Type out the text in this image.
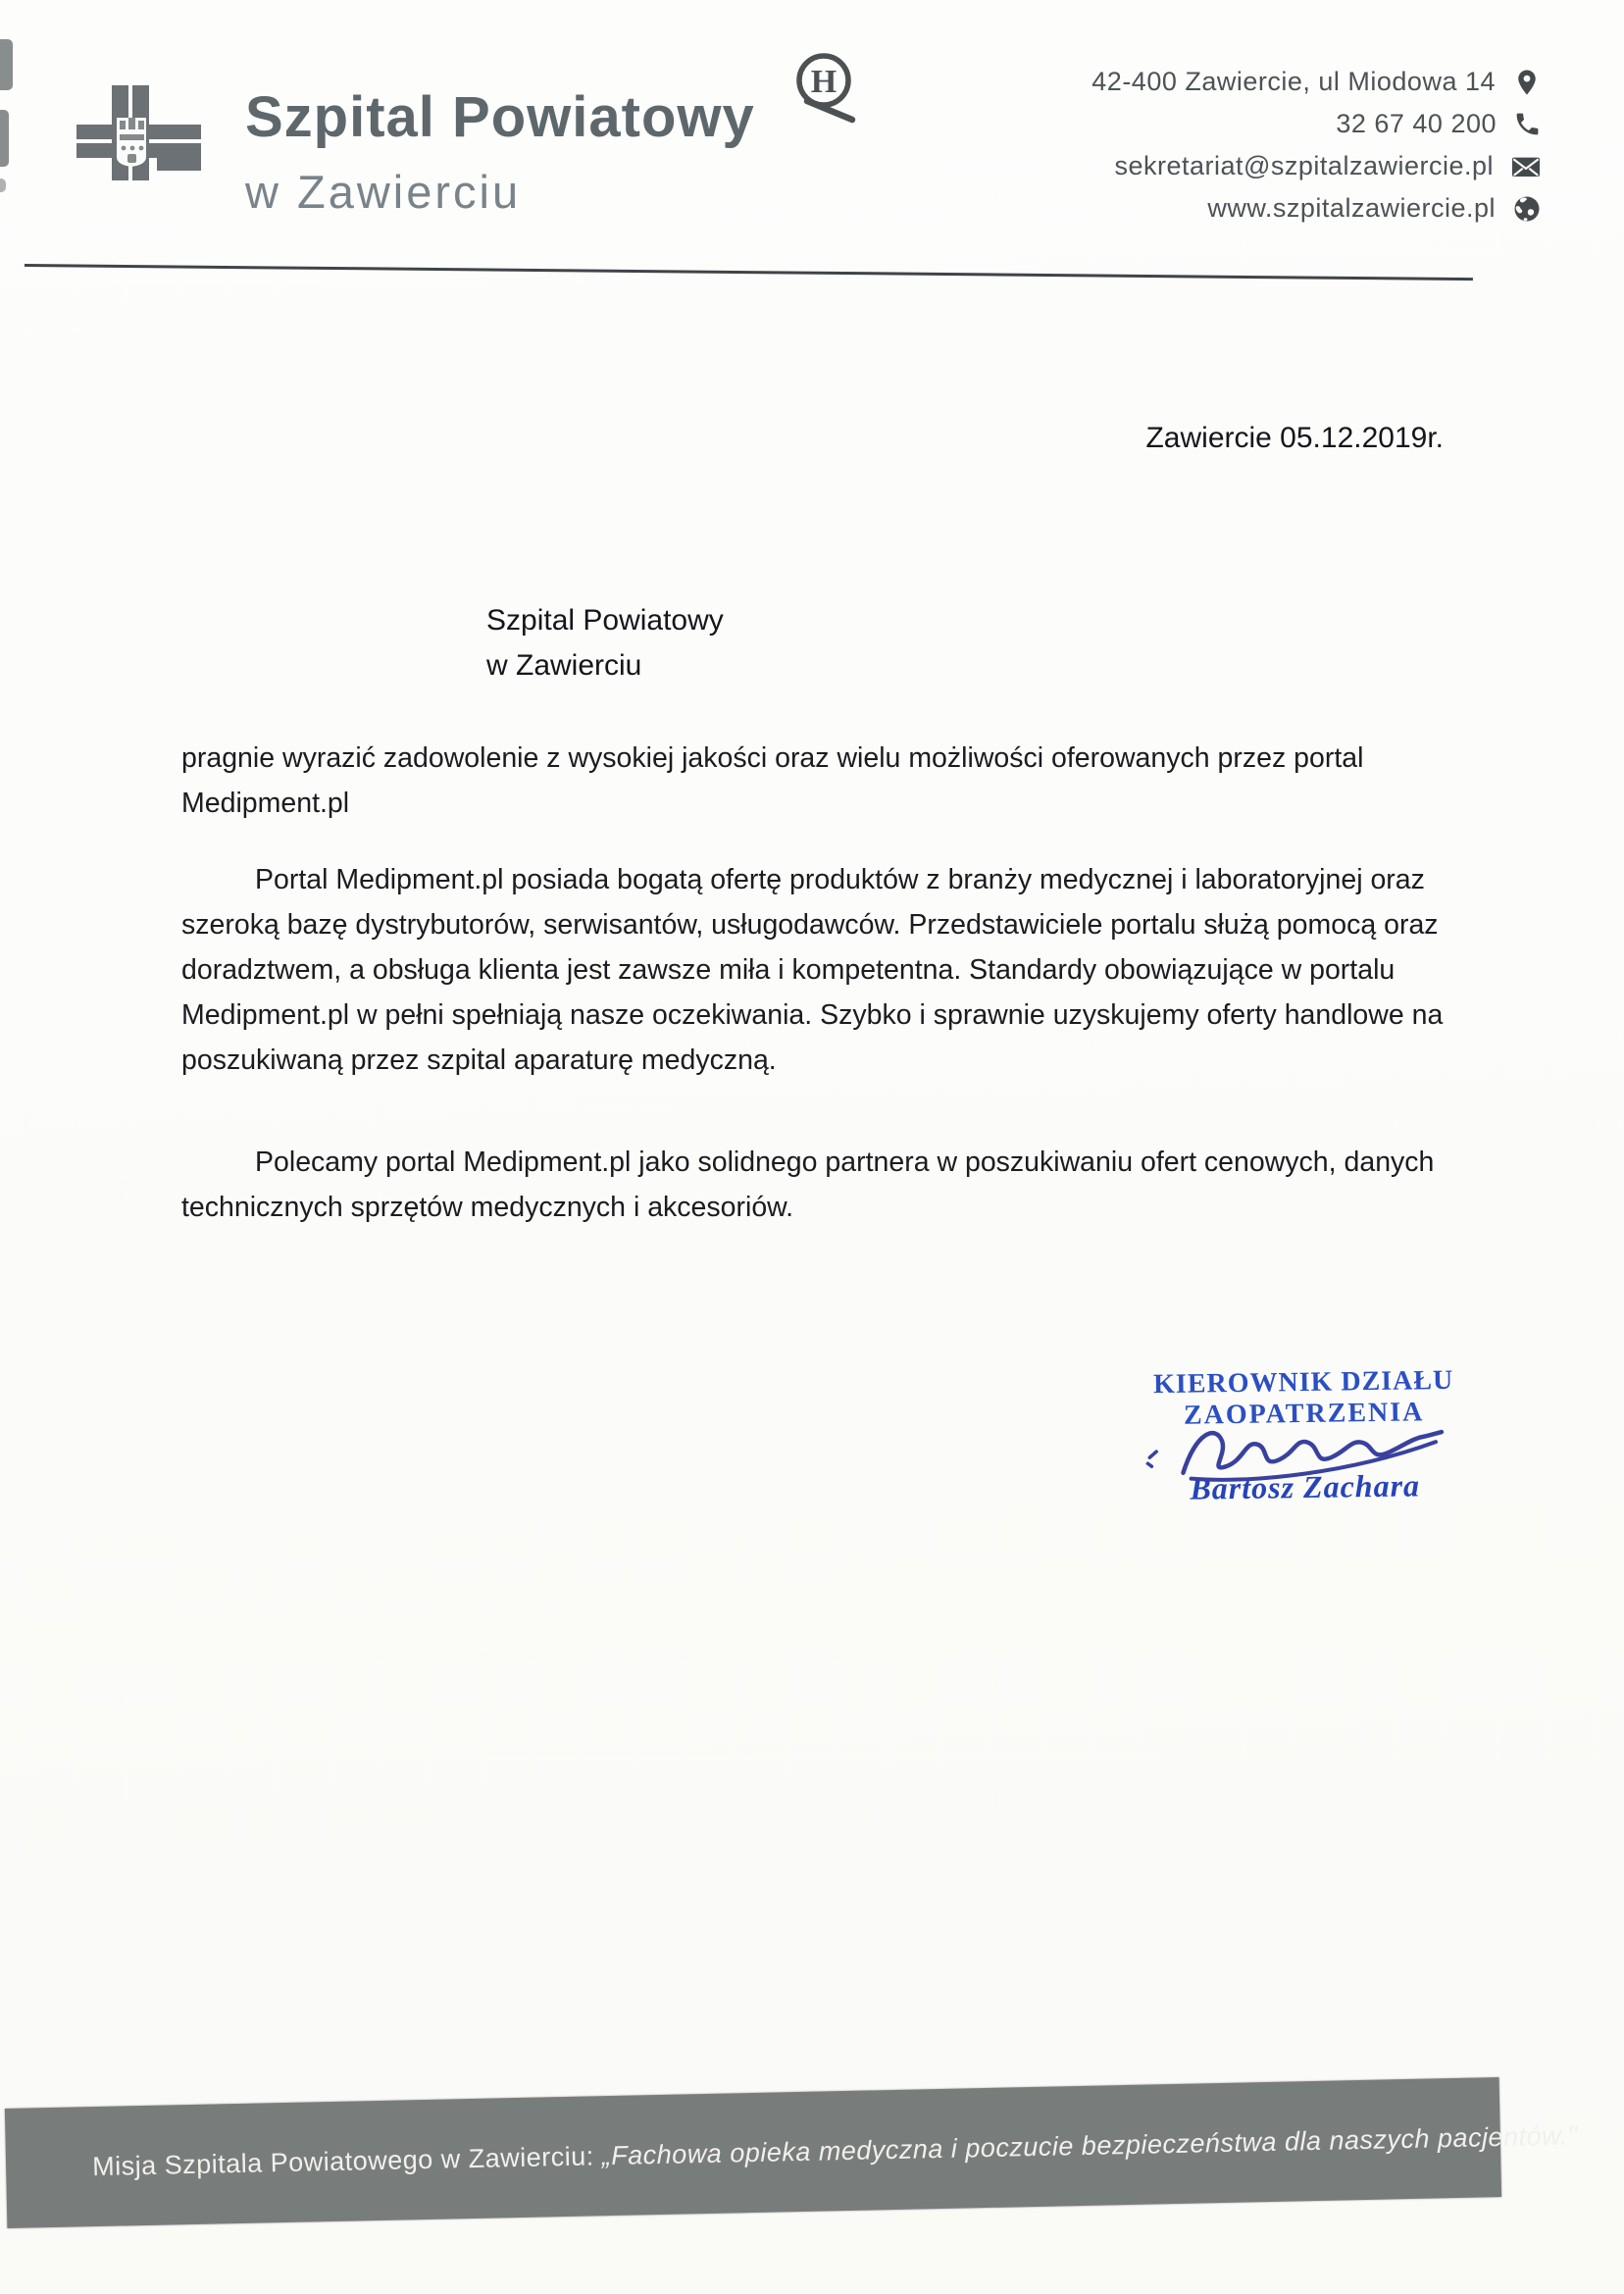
Szpital Powiatowy
H
w Zawierciu
42-400 Zawiercie, ul Miodowa 14
32 67 40 200
sekretariat@szpitalzawiercie.pl
www.szpitalzawiercie.pl
Zawiercie 05.12.2019r.
Szpital Powiatowy
w Zawierciu

pragnie wyrazić zadowolenie z wysokiej jakości oraz wielu możliwości oferowanych przez portal Medipment.pl

Portal Medipment.pl posiada bogatą ofertę produktów z branży medycznej i laboratoryjnej oraz szeroką bazę dystrybutorów, serwisantów, usługodawców. Przedstawiciele portalu służą pomocą oraz doradztwem, a obsługa klienta jest zawsze miła i kompetentna. Standardy obowiązujące w portalu Medipment.pl w pełni spełniają nasze oczekiwania. Szybko i sprawnie uzyskujemy oferty handlowe na poszukiwaną przez szpital aparaturę medyczną.

Polecamy portal Medipment.pl jako solidnego partnera w poszukiwaniu ofert cenowych, danych technicznych sprzętów medycznych i akcesoriów.

KIEROWNIK DZIAŁU
ZAOPATRZENIA
Bartosz Zachara
Misja Szpitala Powiatowego w Zawierciu: „Fachowa opieka medyczna i poczucie bezpieczeństwa dla naszych pacjentów."
